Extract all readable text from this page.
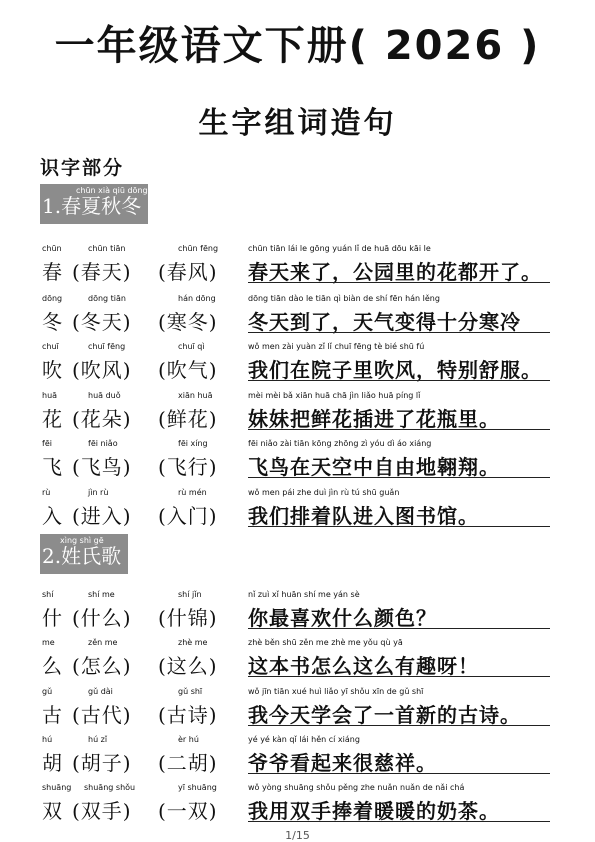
一年级语文下册( 2026 )
生字组词造句
识字部分
chūn xià qiū dōng
1.春夏秋冬
chūn
春
chūn tiān
(春天)
chūn fēng
(春风)
chūn tiān lái le gōng yuán lǐ de huā dōu kāi le
春天来了，公园里的花都开了。
dōng
冬
dōng tiān
(冬天)
hán dōng
(寒冬)
dōng tiān dào le tiān qì biàn de shí fēn hán lěng
冬天到了，天气变得十分寒冷
chuī
吹
chuī fēng
(吹风)
chuī qì
(吹气)
wǒ men zài yuàn zǐ lǐ chuī fēng tè bié shū fú
我们在院子里吹风，特别舒服。
huā
花
huā duǒ
(花朵)
xiān huā
(鲜花)
mèi mèi bǎ xiān huā chā jìn liǎo huā píng lǐ
妹妹把鲜花插进了花瓶里。
fēi
飞
fēi niǎo
(飞鸟)
fēi xíng
(飞行)
fēi niǎo zài tiān kōng zhōng zì yóu dì áo xiáng
飞鸟在天空中自由地翱翔。
rù
入
jìn rù
(进入)
rù mén
(入门)
wǒ men pái zhe duì jìn rù tú shū guǎn
我们排着队进入图书馆。
xìng shì gē
2.姓氏歌
shí
什
shí me
(什么)
shí jǐn
(什锦)
nǐ zuì xǐ huān shí me yán sè
你最喜欢什么颜色？
me
么
zěn me
(怎么)
zhè me
(这么)
zhè běn shū zěn me zhè me yǒu qù yā
这本书怎么这么有趣呀！
gǔ
古
gǔ dài
(古代)
gǔ shī
(古诗)
wǒ jīn tiān xué huì liǎo yī shǒu xīn de gǔ shī
我今天学会了一首新的古诗。
hú
胡
hú zǐ
(胡子)
èr hú
(二胡)
yé yé kàn qǐ lái hěn cí xiáng
爷爷看起来很慈祥。
shuāng
双
shuāng shǒu
(双手)
yī shuāng
(一双)
wǒ yòng shuāng shǒu pěng zhe nuǎn nuǎn de nǎi chá
我用双手捧着暖暖的奶茶。
1/15
